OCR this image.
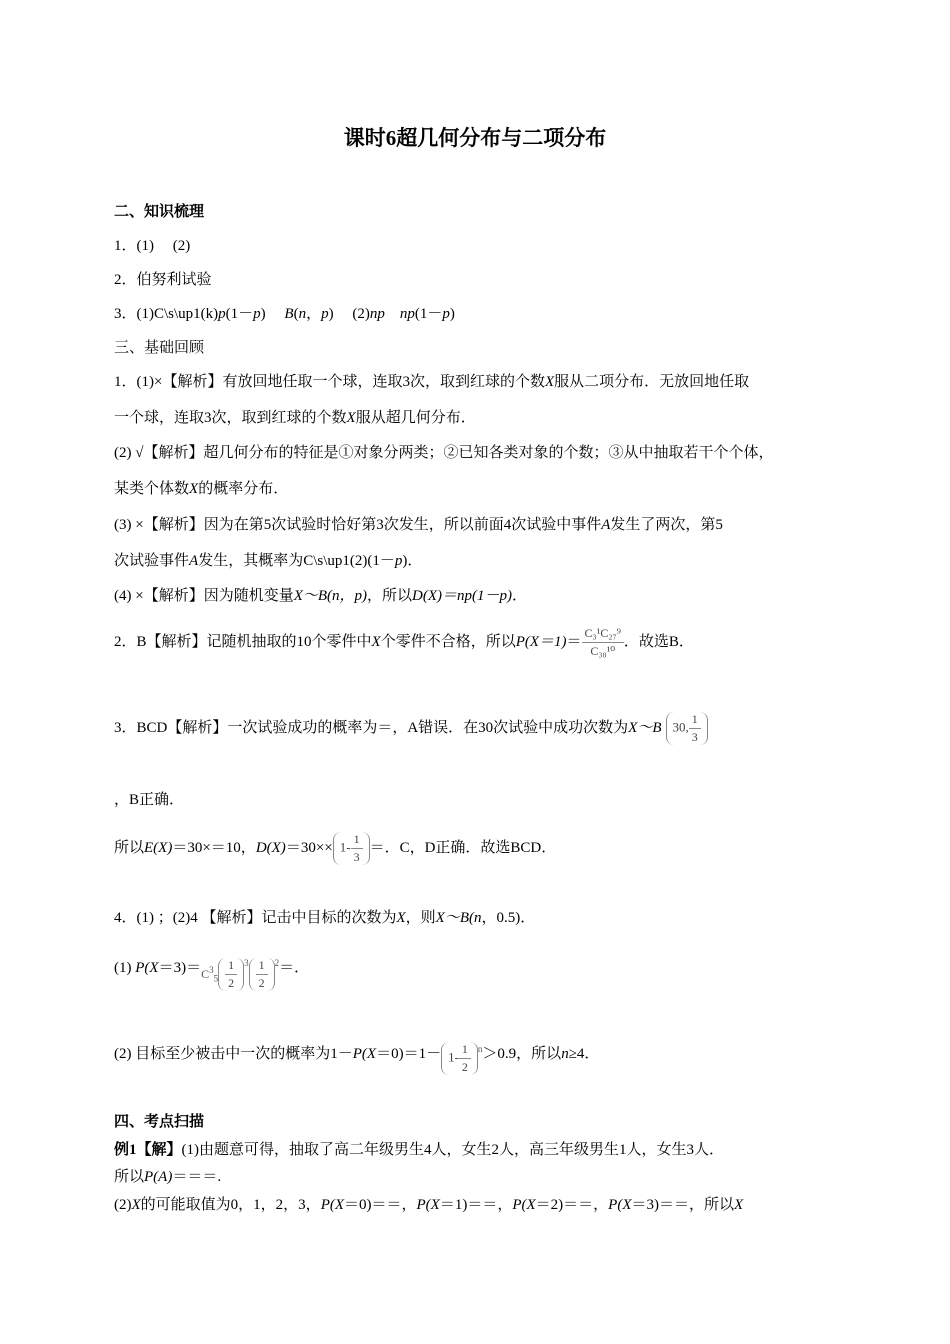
课时6超几何分布与二项分布
二、知识梳理
1．(1)　 (2)
2．伯努利试验
3．(1)C\s\up1(k)p(1－p)　 B(n，p)　 (2)np　 np(1－p)
三、基础回顾
1．(1)×【解析】有放回地任取一个球，连取3次，取到红球的个数X服从二项分布．无放回地任取
一个球，连取3次，取到红球的个数X服从超几何分布．
(2) √【解析】超几何分布的特征是①对象分两类；②已知各类对象的个数；③从中抽取若干个个体，
某类个体数X的概率分布．
(3) ×【解析】因为在第5次试验时恰好第3次发生，所以前面4次试验中事件A发生了两次，第5
次试验事件A发生，其概率为C\s\up1(2)(1－p)．
(4) ×【解析】因为随机变量X～B(n，p)，所以D(X)＝np(1－p)．
2．B【解析】记随机抽取的10个零件中X个零件不合格，所以$P(X=1)= \frac{\text{C₃¹C₂₇⁹}}{\text{C₃₀¹⁰}}$ ．故选B．
3．BCD【解析】一次试验成功的概率为＝，A错误．在30次试验中成功次数为X～B 30, $\frac{1}{3}$
，B正确．
所以E(X)＝30×＝10，$D(X)=30\times\times 1- \frac{1}{3}$ ＝．C，D正确．故选BCD．
4．(1) ；(2)4 【解析】记击中目标的次数为X，则X～B(n，0.5)．
(1) $P(X=3)=_{C^3_5} \frac{1}{2} ^3 \frac{1}{2} ^2=$．
(2) 目标至少被击中一次的概率为$1-P(X=0)=1- 1- \frac{1}{2} ^n>0.9$，所以n≥4．
四、考点扫描
例1【解】(1)由题意可得，抽取了高二年级男生4人，女生2人，高三年级男生1人，女生3人．
所以P(A)＝＝＝.
(2)X的可能取值为0，1，2，3，P(X＝0)＝＝，P(X＝1)＝＝，P(X＝2)＝＝，P(X＝3)＝＝，所以X
